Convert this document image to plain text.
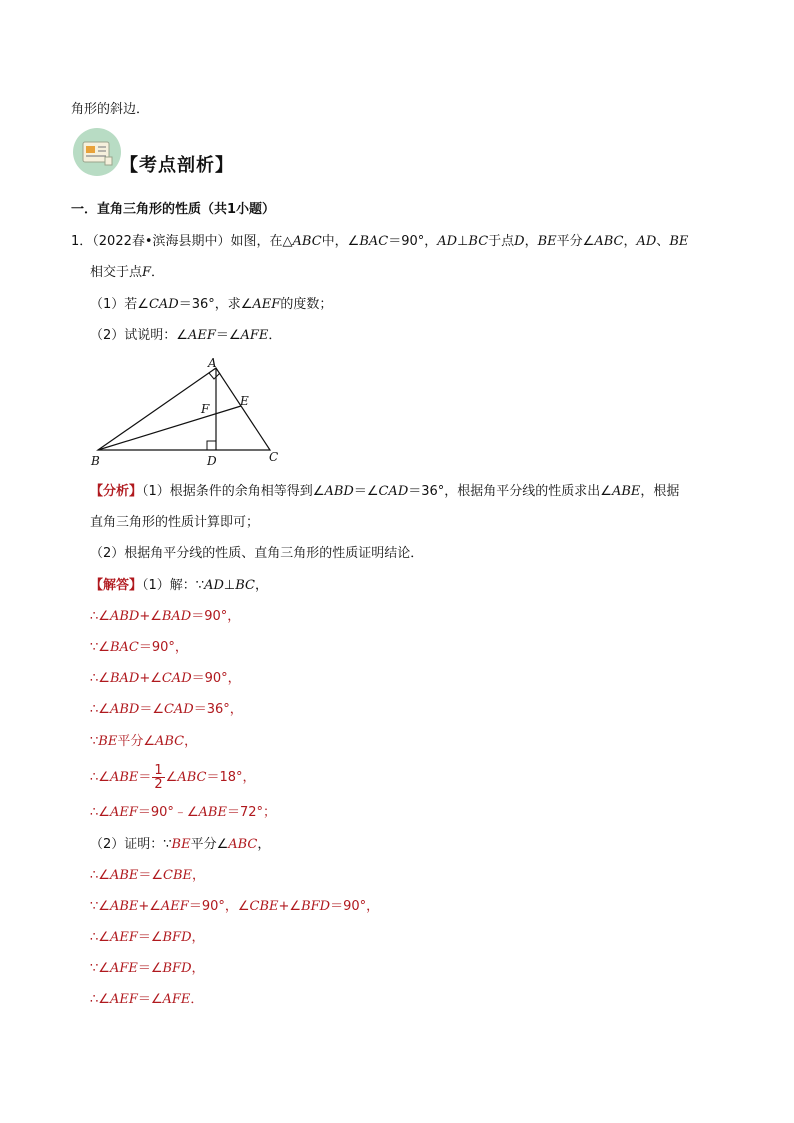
角形的斜边．
【考点剖析】
一．直角三角形的性质（共1小题）
1．（2022春•滨海县期中）如图，在△ABC中，∠BAC＝90°，AD⊥BC于点D，BE平分∠ABC，AD、BE
相交于点F．
（1）若∠CAD＝36°，求∠AEF的度数；
（2）试说明：∠AEF＝∠AFE．
A
B	C
D
E
F
【分析】（1）根据条件的余角相等得到∠ABD＝∠CAD＝36°，根据角平分线的性质求出∠ABE，根据
直角三角形的性质计算即可；
（2）根据角平分线的性质、直角三角形的性质证明结论．
【解答】（1）解：∵AD⊥BC，
∴∠ABD+∠BAD＝90°，
∵∠BAC＝90°，
∴∠BAD+∠CAD＝90°，
∴∠ABD＝∠CAD＝36°，
∵BE平分∠ABC，
∴∠ABE＝ $\frac{1}{2}$ ∠ABC＝18°，
∴∠AEF＝90°﹣∠ABE＝72°；
（2）证明：∵BE平分∠ABC，
∴∠ABE＝∠CBE，
∵∠ABE+∠AEF＝90°，∠CBE+∠BFD＝90°，
∴∠AEF＝∠BFD，
∵∠AFE＝∠BFD，
∴∠AEF＝∠AFE．
